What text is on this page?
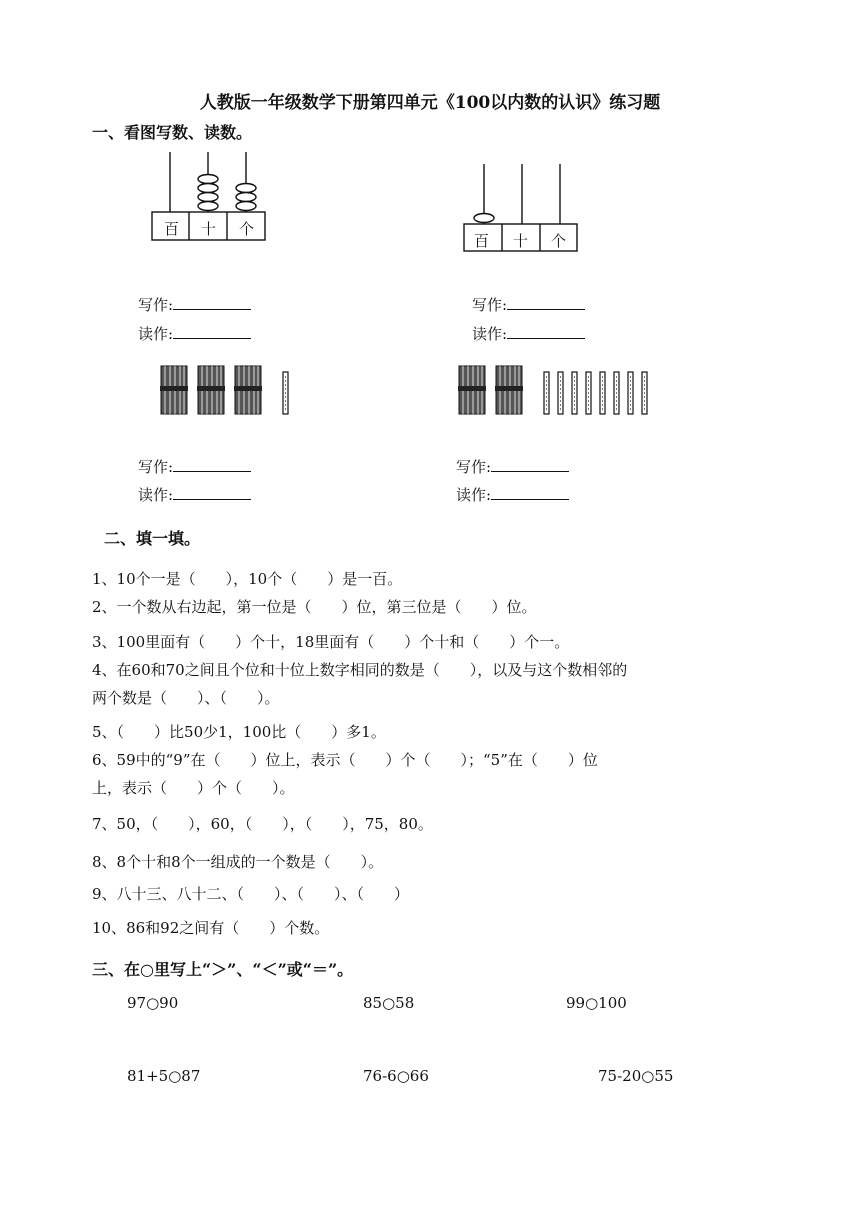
人教版一年级数学下册第四单元《100以内数的认识》练习题
一、看图写数、读数。
百 十 个
百 十 个
写作:
读作:
写作:
读作:
写作:
读作:
写作:
读作:
二、填一填。
1、10个一是（　　），10个（　　）是一百。
2、一个数从右边起，第一位是（　　）位，第三位是（　　）位。
3、100里面有（　　）个十，18里面有（　　）个十和（　　）个一。
4、在60和70之间且个位和十位上数字相同的数是（　　），以及与这个数相邻的
两个数是（　　）、（　　）。
5、（　　）比50少1，100比（　　）多1。
6、59中的“9”在（　　）位上，表示（　　）个（　　）；“5”在（　　）位
上，表示（　　）个（　　）。
7、50，（　　），60，（　　），（　　），75，80。
8、8个十和8个一组成的一个数是（　　）。
9、八十三、八十二、（　　）、（　　）、（　　）
10、86和92之间有（　　）个数。
三、在○里写上“＞”、“＜”或“＝”。
97○90	85○58	99○100
81+5○87	76-6○66	75-20○55
